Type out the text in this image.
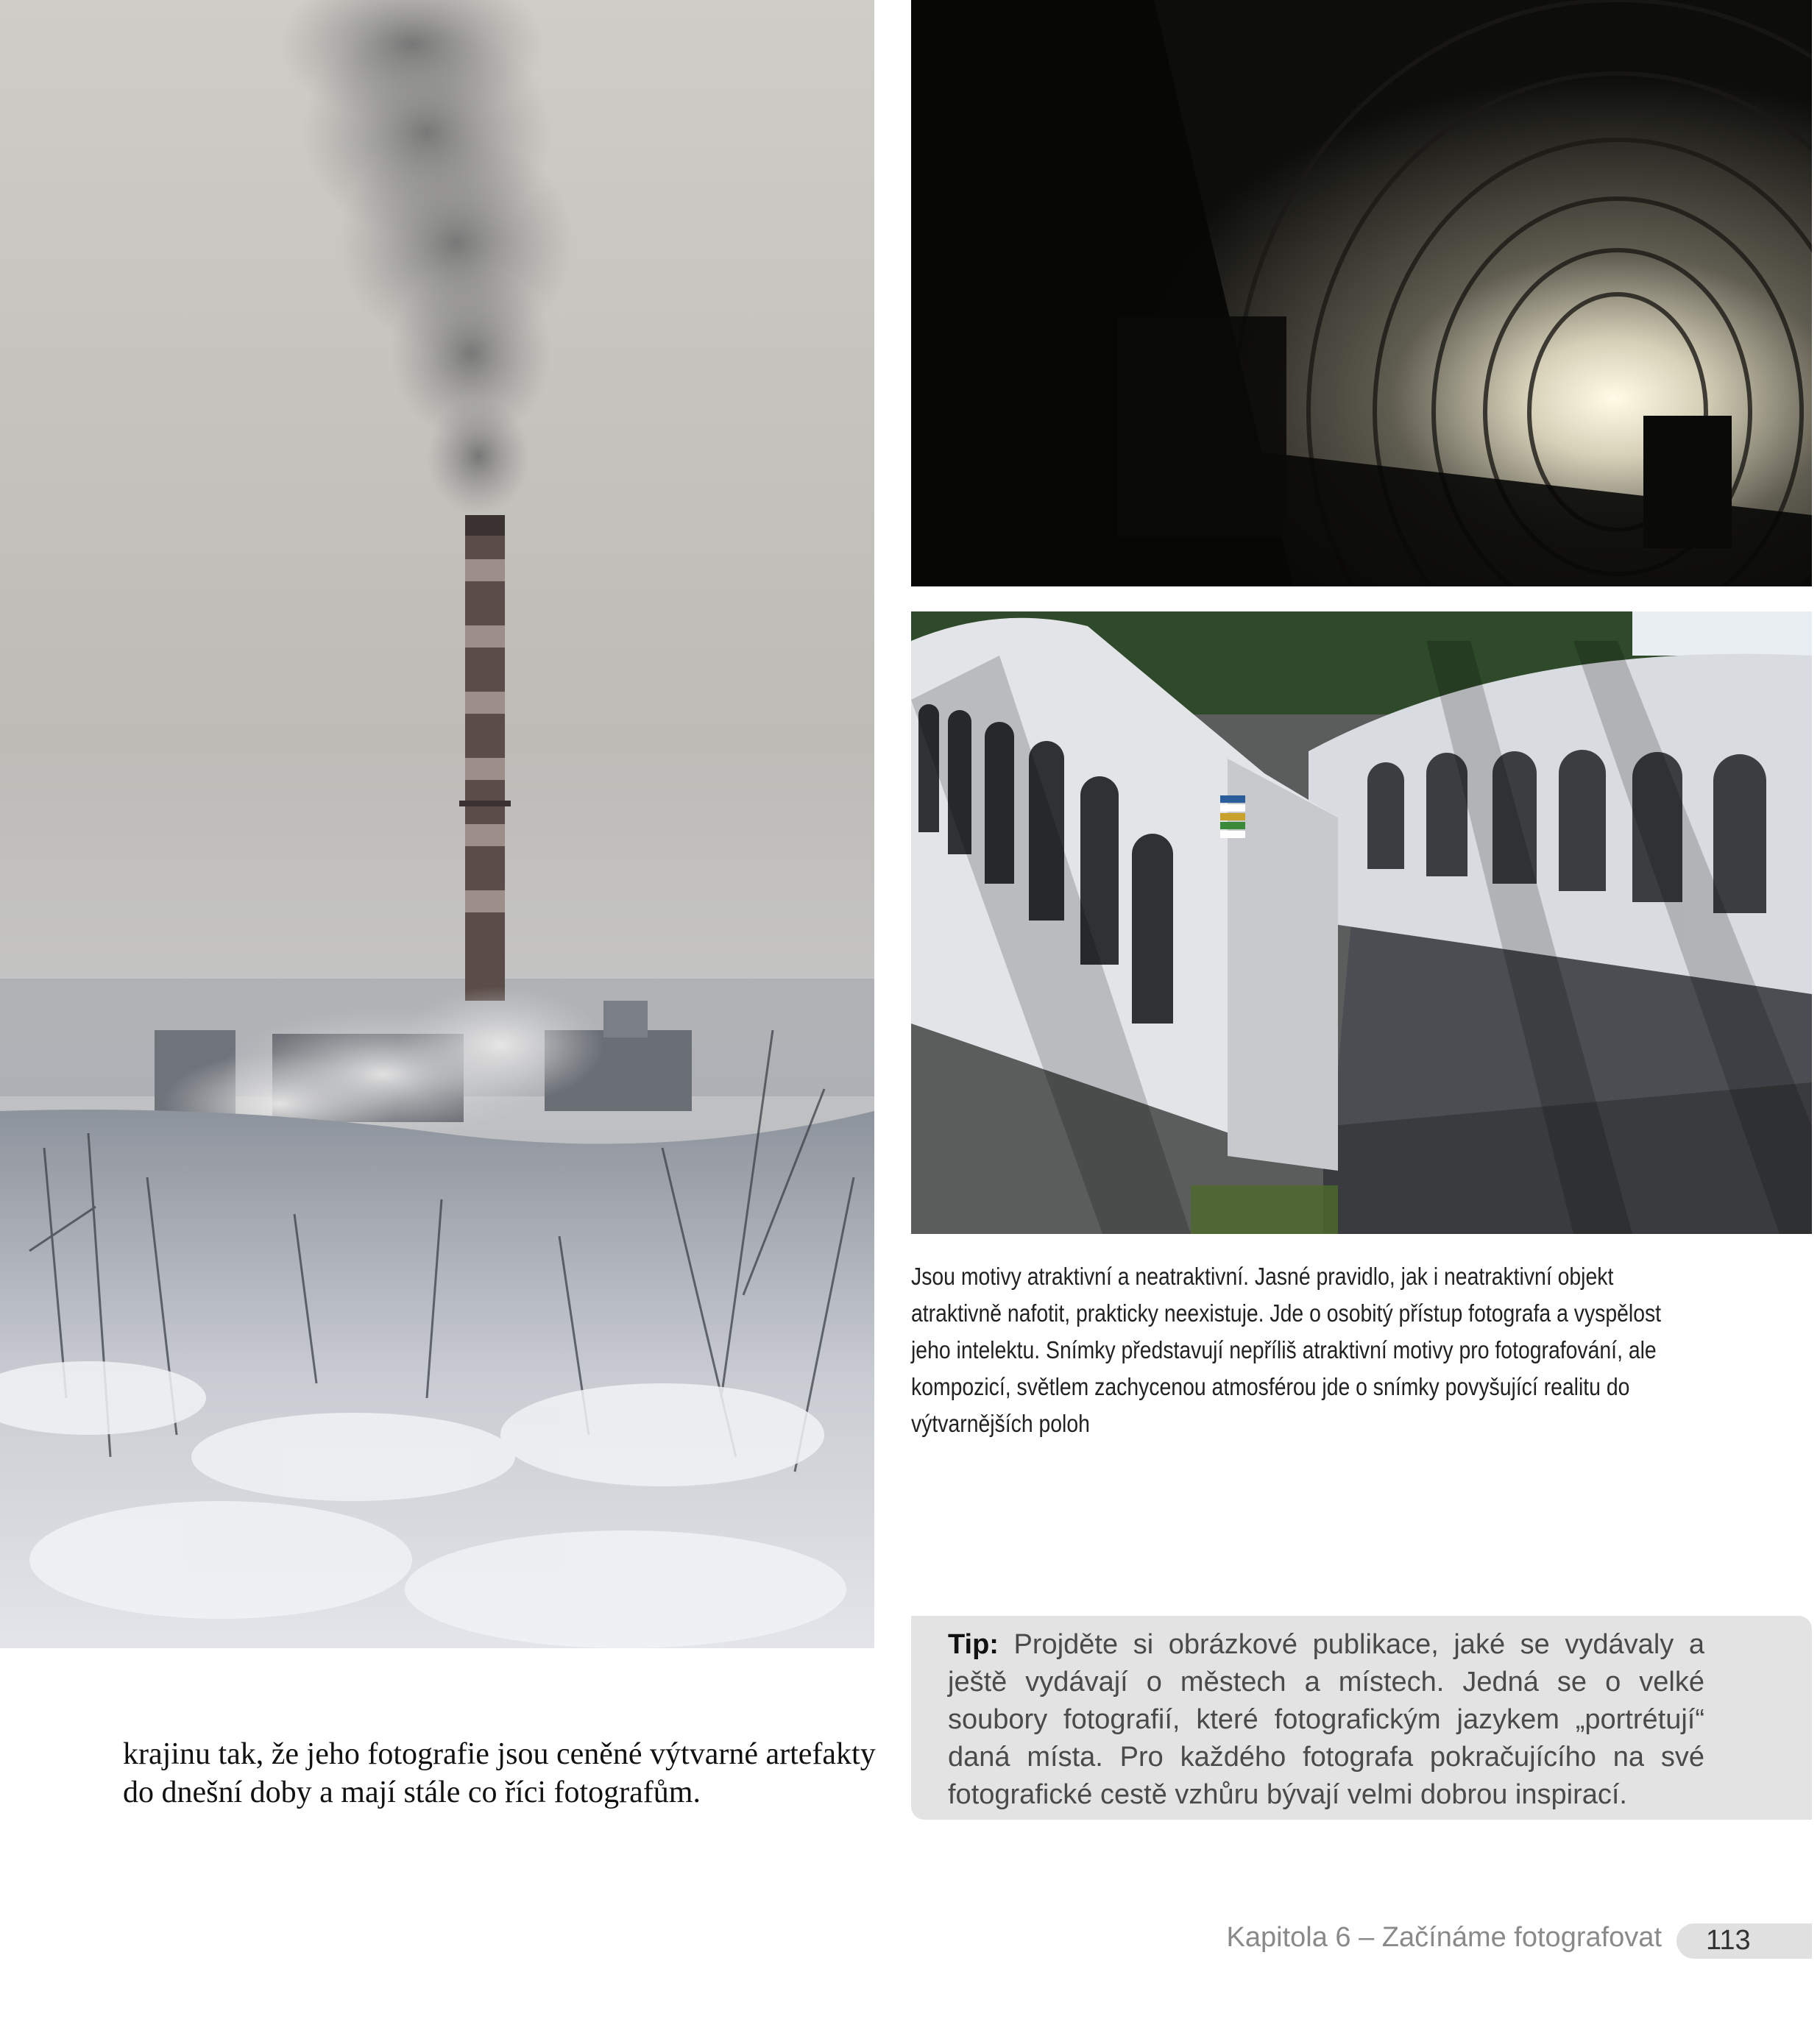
Jsou motivy atraktivní a neatraktivní. Jasné pravidlo, jak i neatraktivní objekt atraktivně nafotit, prakticky neexistuje. Jde o osobitý přístup fotografa a vyspělost jeho intelektu. Snímky představují nepříliš atraktivní motivy pro fotografování, ale kompozicí, světlem zachycenou atmosférou jde o snímky povyšující realitu do výtvarnějších poloh
krajinu tak, že jeho fotografie jsou ceněné výtvarné artefakty do dnešní doby a mají stále co říci fotografům.
Tip: Projděte si obrázkové publikace, jaké se vydávaly a ještě vydávají o městech a místech. Jedná se o velké soubory fotografií, které fotografickým jazykem „portrétují“ daná místa. Pro každého fotografa pokračujícího na své fotografické cestě vzhůru bývají velmi dobrou inspirací.
Kapitola 6 – Začínáme fotografovat 113
